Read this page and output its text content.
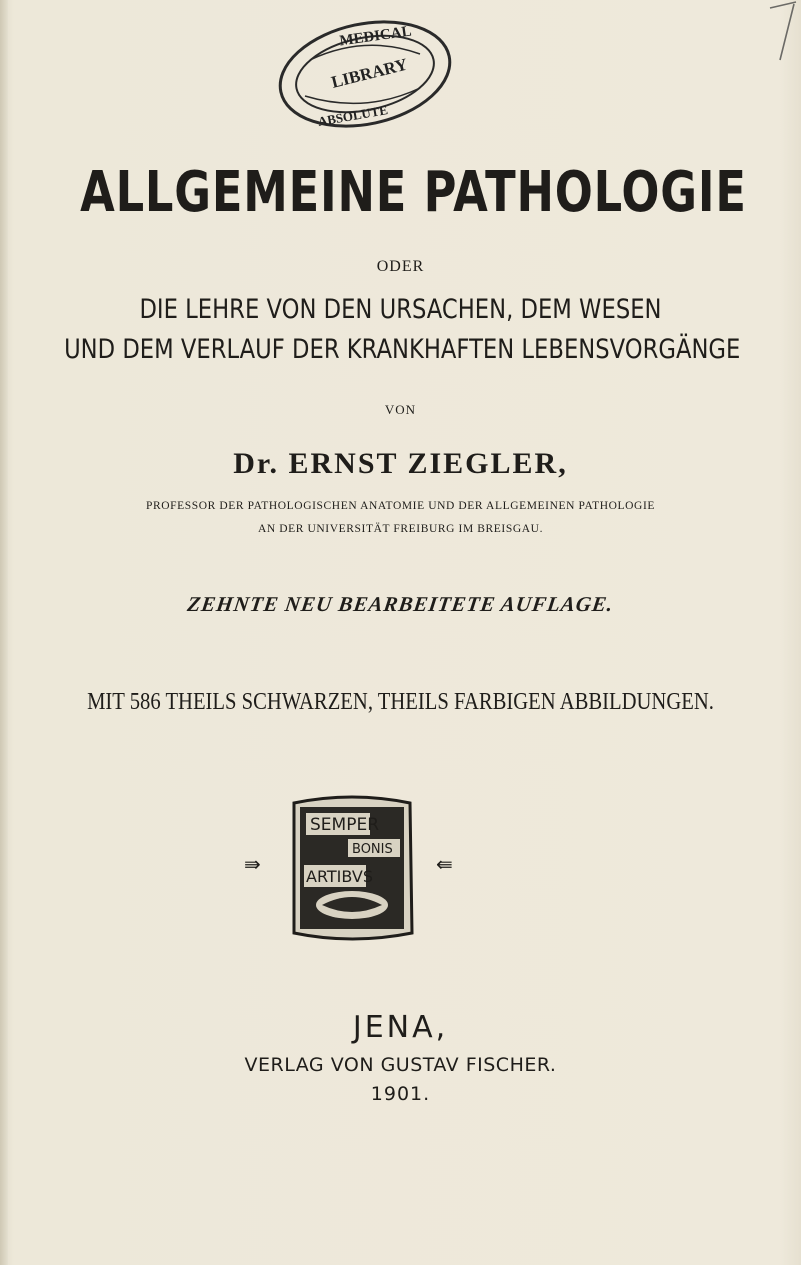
MEDICAL
LIBRARY
ABSOLUTE
ALLGEMEINE PATHOLOGIE
ODER
DIE LEHRE VON DEN URSACHEN, DEM WESEN
UND DEM VERLAUF DER KRANKHAFTEN LEBENSVORGÄNGE
VON
Dr. ERNST ZIEGLER,
PROFESSOR DER PATHOLOGISCHEN ANATOMIE UND DER ALLGEMEINEN PATHOLOGIE
AN DER UNIVERSITÄT FREIBURG IM BREISGAU.
ZEHNTE NEU BEARBEITETE AUFLAGE.
MIT 586 THEILS SCHWARZEN, THEILS FARBIGEN ABBILDUNGEN.
⇛
SEMPER
BONIS
ARTIBVS
⇚
JENA,
VERLAG VON GUSTAV FISCHER.
1901.
